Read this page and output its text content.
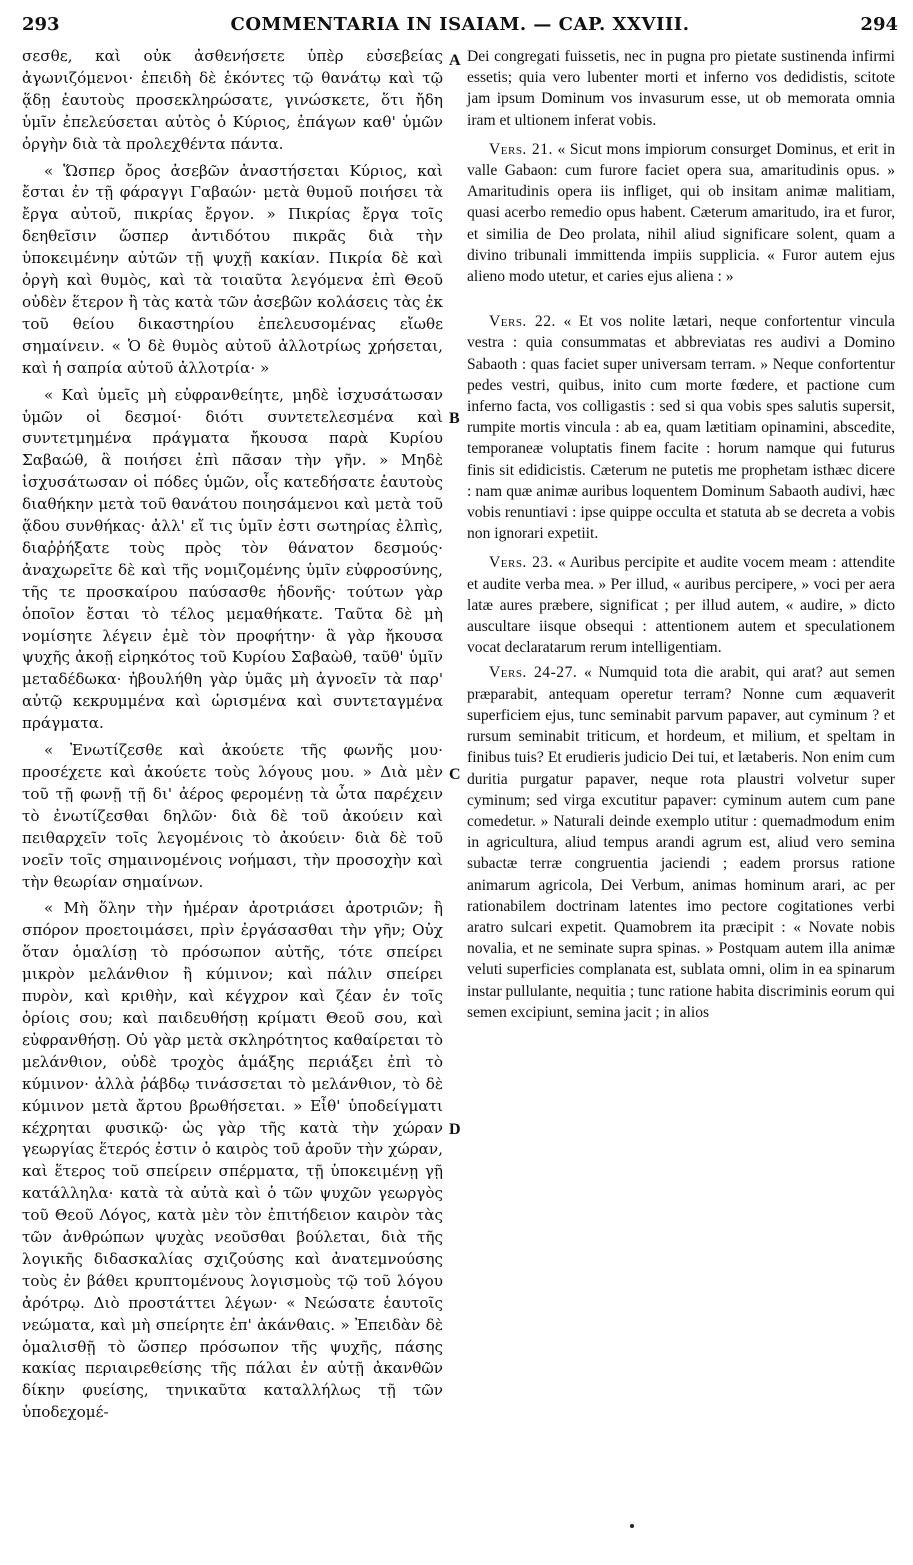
293	COMMENTARIA IN ISAIAM. — CAP. XXVIII.	294

σεσθε, καὶ οὐκ ἀσθενήσετε ὑπὲρ εὐσεβείας ἀγωνιζόμενοι· ἐπειδὴ δὲ ἑκόντες τῷ θανάτῳ καὶ τῷ ᾅδῃ ἑαυτοὺς προσεκληρώσατε, γινώσκετε, ὅτι ἤδη ὑμῖν ἐπελεύσεται αὐτὸς ὁ Κύριος, ἐπάγων καθ' ὑμῶν ὀργὴν διὰ τὰ προλεχθέντα πάντα.

« Ὥσπερ ὄρος ἀσεβῶν ἀναστήσεται Κύριος, καὶ ἔσται ἐν τῇ φάραγγι Γαβαών· μετὰ θυμοῦ ποιήσει τὰ ἔργα αὐτοῦ, πικρίας ἔργον. » Πικρίας ἔργα τοῖς δεηθεῖσιν ὥσπερ ἀντιδότου πικρᾶς διὰ τὴν ὑποκειμένην αὐτῶν τῇ ψυχῇ κακίαν. Πικρία δὲ καὶ ὀργὴ καὶ θυμὸς, καὶ τὰ τοιαῦτα λεγόμενα ἐπὶ Θεοῦ οὐδὲν ἕτερον ἢ τὰς κατὰ τῶν ἀσεβῶν κολάσεις τὰς ἐκ τοῦ θείου δικαστηρίου ἐπελευσομένας εἴωθε σημαίνειν. « Ὁ δὲ θυμὸς αὐτοῦ ἀλλοτρίως χρήσεται, καὶ ἡ σαπρία αὐτοῦ ἀλλοτρία· »

« Καὶ ὑμεῖς μὴ εὐφρανθείητε, μηδὲ ἰσχυσάτωσαν ὑμῶν οἱ δεσμοί· διότι συντετελεσμένα καὶ συντετμημένα πράγματα ἤκουσα παρὰ Κυρίου Σαβαώθ, ἃ ποιήσει ἐπὶ πᾶσαν τὴν γῆν. » Μηδὲ ἰσχυσάτωσαν οἱ πόδες ὑμῶν, οἷς κατεδήσατε ἑαυτοὺς διαθήκην μετὰ τοῦ θανάτου ποιησάμενοι καὶ μετὰ τοῦ ᾅδου συνθήκας· ἀλλ' εἴ τις ὑμῖν ἐστι σωτηρίας ἐλπὶς, διαῤῥήξατε τοὺς πρὸς τὸν θάνατον δεσμούς· ἀναχωρεῖτε δὲ καὶ τῆς νομιζομένης ὑμῖν εὐφροσύνης, τῆς τε προσκαίρου παύσασθε ἡδονῆς· τούτων γὰρ ὁποῖον ἔσται τὸ τέλος μεμαθήκατε. Ταῦτα δὲ μὴ νομίσητε λέγειν ἐμὲ τὸν προφήτην· ἃ γὰρ ἤκουσα ψυχῆς ἀκοῇ εἰρηκότος τοῦ Κυρίου Σαβαὼθ, ταῦθ' ὑμῖν μεταδέδωκα· ἠβουλήθη γὰρ ὑμᾶς μὴ ἀγνοεῖν τὰ παρ' αὐτῷ κεκρυμμένα καὶ ὡρισμένα καὶ συντεταγμένα πράγματα.

« Ἐνωτίζεσθε καὶ ἀκούετε τῆς φωνῆς μου· προσέχετε καὶ ἀκούετε τοὺς λόγους μου. » Διὰ μὲν τοῦ τῇ φωνῇ τῇ δι' ἀέρος φερομένῃ τὰ ὦτα παρέχειν τὸ ἐνωτίζεσθαι δηλῶν· διὰ δὲ τοῦ ἀκούειν καὶ πειθαρχεῖν τοῖς λεγομένοις τὸ ἀκούειν· διὰ δὲ τοῦ νοεῖν τοῖς σημαινομένοις νοήμασι, τὴν προσοχὴν καὶ τὴν θεωρίαν σημαίνων.

« Μὴ ὅλην τὴν ἡμέραν ἀροτριάσει ἀροτριῶν; ἢ σπόρον προετοιμάσει, πρὶν ἐργάσασθαι τὴν γῆν; Οὐχ ὅταν ὁμαλίσῃ τὸ πρόσωπον αὐτῆς, τότε σπείρει μικρὸν μελάνθιον ἢ κύμινον; καὶ πάλιν σπείρει πυρὸν, καὶ κριθὴν, καὶ κέγχρον καὶ ζέαν ἐν τοῖς ὁρίοις σου; καὶ παιδευθήσῃ κρίματι Θεοῦ σου, καὶ εὐφρανθήσῃ. Οὐ γὰρ μετὰ σκληρότητος καθαίρεται τὸ μελάνθιον, οὐδὲ τροχὸς ἁμάξης περιάξει ἐπὶ τὸ κύμινον· ἀλλὰ ῥάβδῳ τινάσσεται τὸ μελάνθιον, τὸ δὲ κύμινον μετὰ ἄρτου βρωθήσεται. » Εἶθ' ὑποδείγματι κέχρηται φυσικῷ· ὡς γὰρ τῆς κατὰ τὴν χώραν γεωργίας ἕτερός ἐστιν ὁ καιρὸς τοῦ ἀροῦν τὴν χώραν, καὶ ἕτερος τοῦ σπείρειν σπέρματα, τῇ ὑποκειμένῃ γῇ κατάλληλα· κατὰ τὰ αὐτὰ καὶ ὁ τῶν ψυχῶν γεωργὸς τοῦ Θεοῦ Λόγος, κατὰ μὲν τὸν ἐπιτήδειον καιρὸν τὰς τῶν ἀνθρώπων ψυχὰς νεοῦσθαι βούλεται, διὰ τῆς λογικῆς διδασκαλίας σχιζούσης καὶ ἀνατεμνούσης τοὺς ἐν βάθει κρυπτομένους λογισμοὺς τῷ τοῦ λόγου ἀρότρῳ. Διὸ προστάττει λέγων· « Νεώσατε ἑαυτοῖς νεώματα, καὶ μὴ σπείρητε ἐπ' ἀκάνθαις. » Ἐπειδὰν δὲ ὁμαλισθῇ τὸ ὥσπερ πρόσωπον τῆς ψυχῆς, πάσης κακίας περιαιρεθείσης τῆς πάλαι ἐν αὐτῇ ἀκανθῶν δίκην φυείσης, τηνικαῦτα καταλλήλως τῇ τῶν ὑποδεχομέ-

A
B
C
D

Dei congregati fuissetis, nec in pugna pro pietate sustinenda infirmi essetis; quia vero lubenter morti et inferno vos dedidistis, scitote jam ipsum Dominum vos invasurum esse, ut ob memorata omnia iram et ultionem inferat vobis.

Vers. 21. « Sicut mons impiorum consurget Dominus, et erit in valle Gabaon: cum furore faciet opera sua, amaritudinis opus. » Amaritudinis opera iis infliget, qui ob insitam animæ malitiam, quasi acerbo remedio opus habent. Cæterum amaritudo, ira et furor, et similia de Deo prolata, nihil aliud significare solent, quam a divino tribunali immittenda impiis supplicia. « Furor autem ejus alieno modo utetur, et caries ejus aliena : »

Vers. 22. « Et vos nolite lætari, neque confortentur vincula vestra : quia consummatas et abbreviatas res audivi a Domino Sabaoth : quas faciet super universam terram. » Neque confortentur pedes vestri, quibus, inito cum morte fœdere, et pactione cum inferno facta, vos colligastis : sed si qua vobis spes salutis supersit, rumpite mortis vincula : ab ea, quam lætitiam opinamini, abscedite, temporaneæ voluptatis finem facite : horum namque qui futurus finis sit edidicistis. Cæterum ne putetis me prophetam isthæc dicere : nam quæ animæ auribus loquentem Dominum Sabaoth audivi, hæc vobis renuntiavi : ipse quippe occulta et statuta ab se decreta a vobis non ignorari expetiit.

Vers. 23. « Auribus percipite et audite vocem meam : attendite et audite verba mea. » Per illud, « auribus percipere, » voci per aera latæ aures præbere, significat ; per illud autem, « audire, » dicto auscultare iisque obsequi : attentionem autem et speculationem vocat declaratarum rerum intelligentiam.

Vers. 24-27. « Numquid tota die arabit, qui arat? aut semen præparabit, antequam operetur terram? Nonne cum æquaverit superficiem ejus, tunc seminabit parvum papaver, aut cyminum ? et rursum seminabit triticum, et hordeum, et milium, et speltam in finibus tuis? Et erudieris judicio Dei tui, et lætaberis. Non enim cum duritia purgatur papaver, neque rota plaustri volvetur super cyminum; sed virga excutitur papaver: cyminum autem cum pane comedetur. » Naturali deinde exemplo utitur : quemadmodum enim in agricultura, aliud tempus arandi agrum est, aliud vero semina subactæ terræ congruentia jaciendi ; eadem prorsus ratione animarum agricola, Dei Verbum, animas hominum arari, ac per rationabilem doctrinam latentes imo pectore cogitationes verbi aratro sulcari expetit. Quamobrem ita præcipit : « Novate nobis novalia, et ne seminate supra spinas. » Postquam autem illa animæ veluti superficies complanata est, sublata omni, olim in ea spinarum instar pullulante, nequitia ; tunc ratione habita discriminis eorum qui semen excipiunt, semina jacit ; in alios
